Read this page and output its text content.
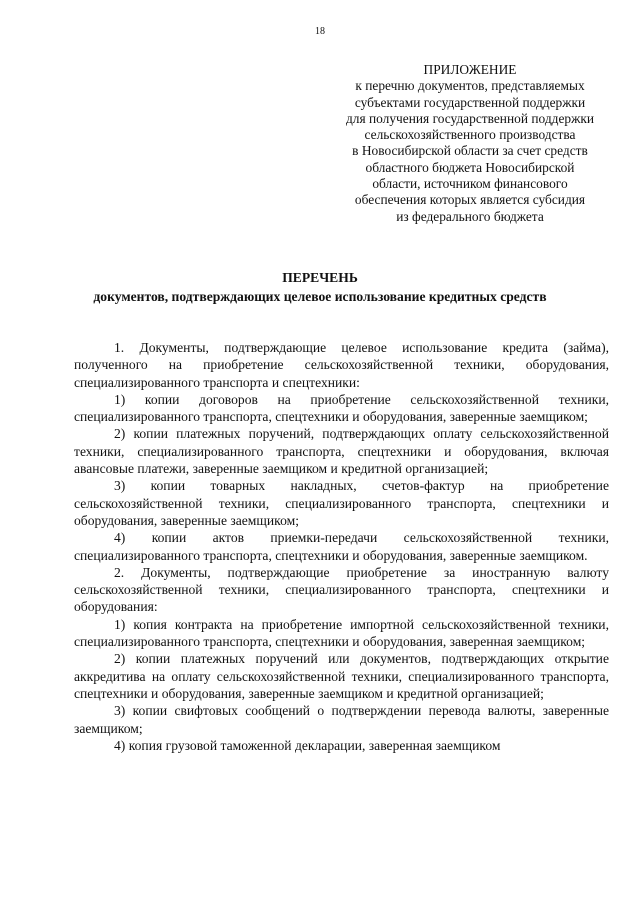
18
ПРИЛОЖЕНИЕ
к перечню документов, представляемых
субъектами государственной поддержки
для получения государственной поддержки
сельскохозяйственного производства
в Новосибирской области за счет средств
областного бюджета Новосибирской
области, источником финансового
обеспечения которых является субсидия
из федерального бюджета
ПЕРЕЧЕНЬ
документов, подтверждающих целевое использование кредитных средств

1. Документы, подтверждающие целевое использование кредита (займа), полученного на приобретение сельскохозяйственной техники, оборудования, специализированного транспорта и спецтехники:

1) копии договоров на приобретение сельскохозяйственной техники, специализированного транспорта, спецтехники и оборудования, заверенные заемщиком;

2) копии платежных поручений, подтверждающих оплату сельскохозяйственной техники, специализированного транспорта, спецтехники и оборудования, включая авансовые платежи, заверенные заемщиком и кредитной организацией;

3) копии товарных накладных, счетов-фактур на приобретение сельскохозяйственной техники, специализированного транспорта, спецтехники и оборудования, заверенные заемщиком;

4) копии актов приемки-передачи сельскохозяйственной техники, специализированного транспорта, спецтехники и оборудования, заверенные заемщиком.

2. Документы, подтверждающие приобретение за иностранную валюту сельскохозяйственной техники, специализированного транспорта, спецтехники и оборудования:

1) копия контракта на приобретение импортной сельскохозяйственной техники, специализированного транспорта, спецтехники и оборудования, заверенная заемщиком;

2) копии платежных поручений или документов, подтверждающих открытие аккредитива на оплату сельскохозяйственной техники, специализированного транспорта, спецтехники и оборудования, заверенные заемщиком и кредитной организацией;

3) копии свифтовых сообщений о подтверждении перевода валюты, заверенные заемщиком;

4) копия грузовой таможенной декларации, заверенная заемщиком
